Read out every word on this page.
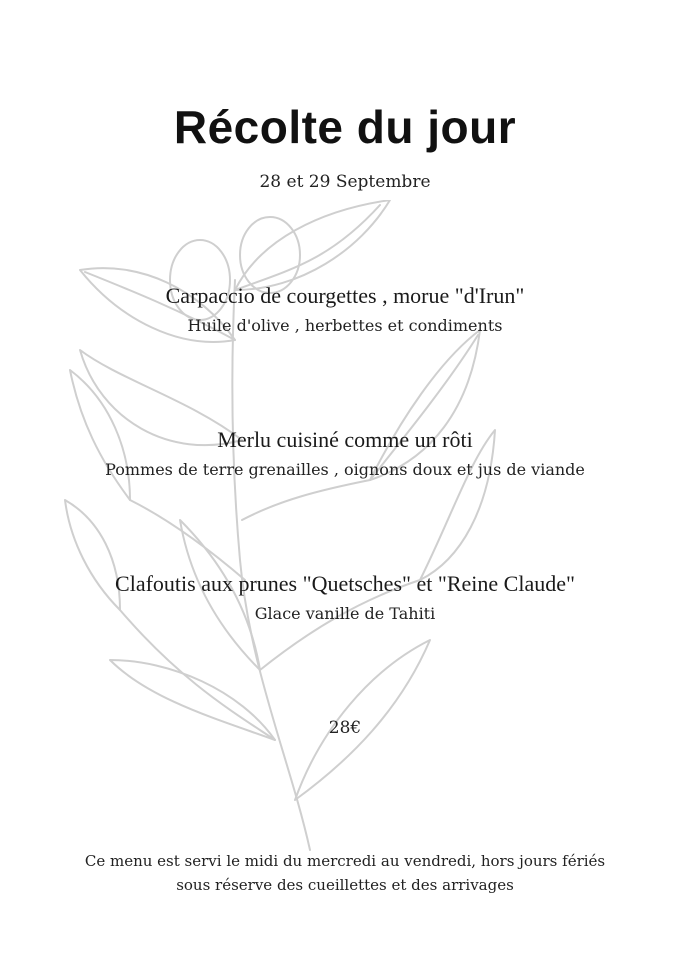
Récolte du jour
28 et 29 Septembre
Carpaccio de courgettes , morue "d'Irun"
Huile d'olive , herbettes et condiments
Merlu cuisiné comme un rôti
Pommes de terre grenailles , oignons doux et jus de viande
Clafoutis aux prunes "Quetsches" et "Reine Claude"
Glace vanille de Tahiti
28€
Ce menu est servi le midi du mercredi au vendredi, hors jours fériés
sous réserve des cueillettes et des arrivages
